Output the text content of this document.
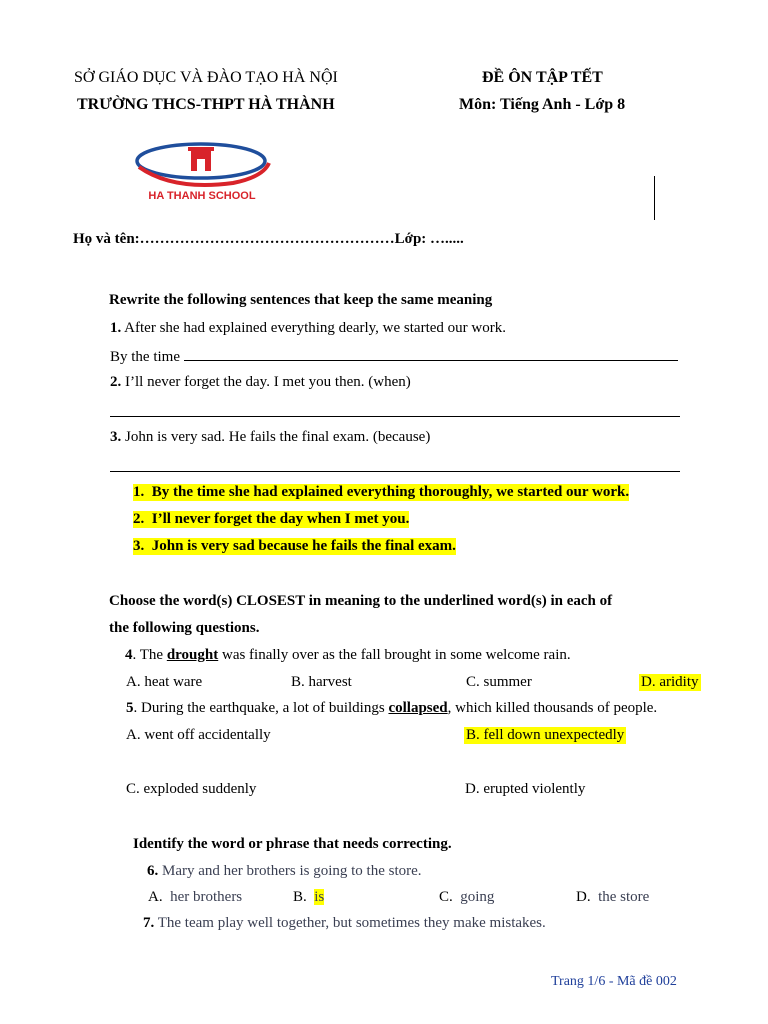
SỞ GIÁO DỤC VÀ ĐÀO TẠO HÀ NỘI
TRƯỜNG THCS-THPT HÀ THÀNH
ĐỀ ÔN TẬP TẾT
Môn: Tiếng Anh - Lớp 8
HA THANH SCHOOL
Họ và tên:……………………………………………Lớp: ….....
Rewrite the following sentences that keep the same meaning
1. After she had explained everything dearly, we started our work.
By the time
2. I’ll never forget the day. I met you then. (when)
3. John is very sad. He fails the final exam. (because)
1. By the time she had explained everything thoroughly, we started our work.
2. I’ll never forget the day when I met you.
3. John is very sad because he fails the final exam.
Choose the word(s) CLOSEST in meaning to the underlined word(s) in each of
the following questions.
4. The drought was finally over as the fall brought in some welcome rain.
A. heat ware	B. harvest	C. summer	D. aridity
5. During the earthquake, a lot of buildings collapsed, which killed thousands of people.
A. went off accidentally	B. fell down unexpectedly
C. exploded suddenly	D. erupted violently
Identify the word or phrase that needs correcting.
6. Mary and her brothers is going to the store.
A. her brothers	B. is	C. going	D. the store
7. The team play well together, but sometimes they make mistakes.
Trang 1/6 - Mã đề 002
